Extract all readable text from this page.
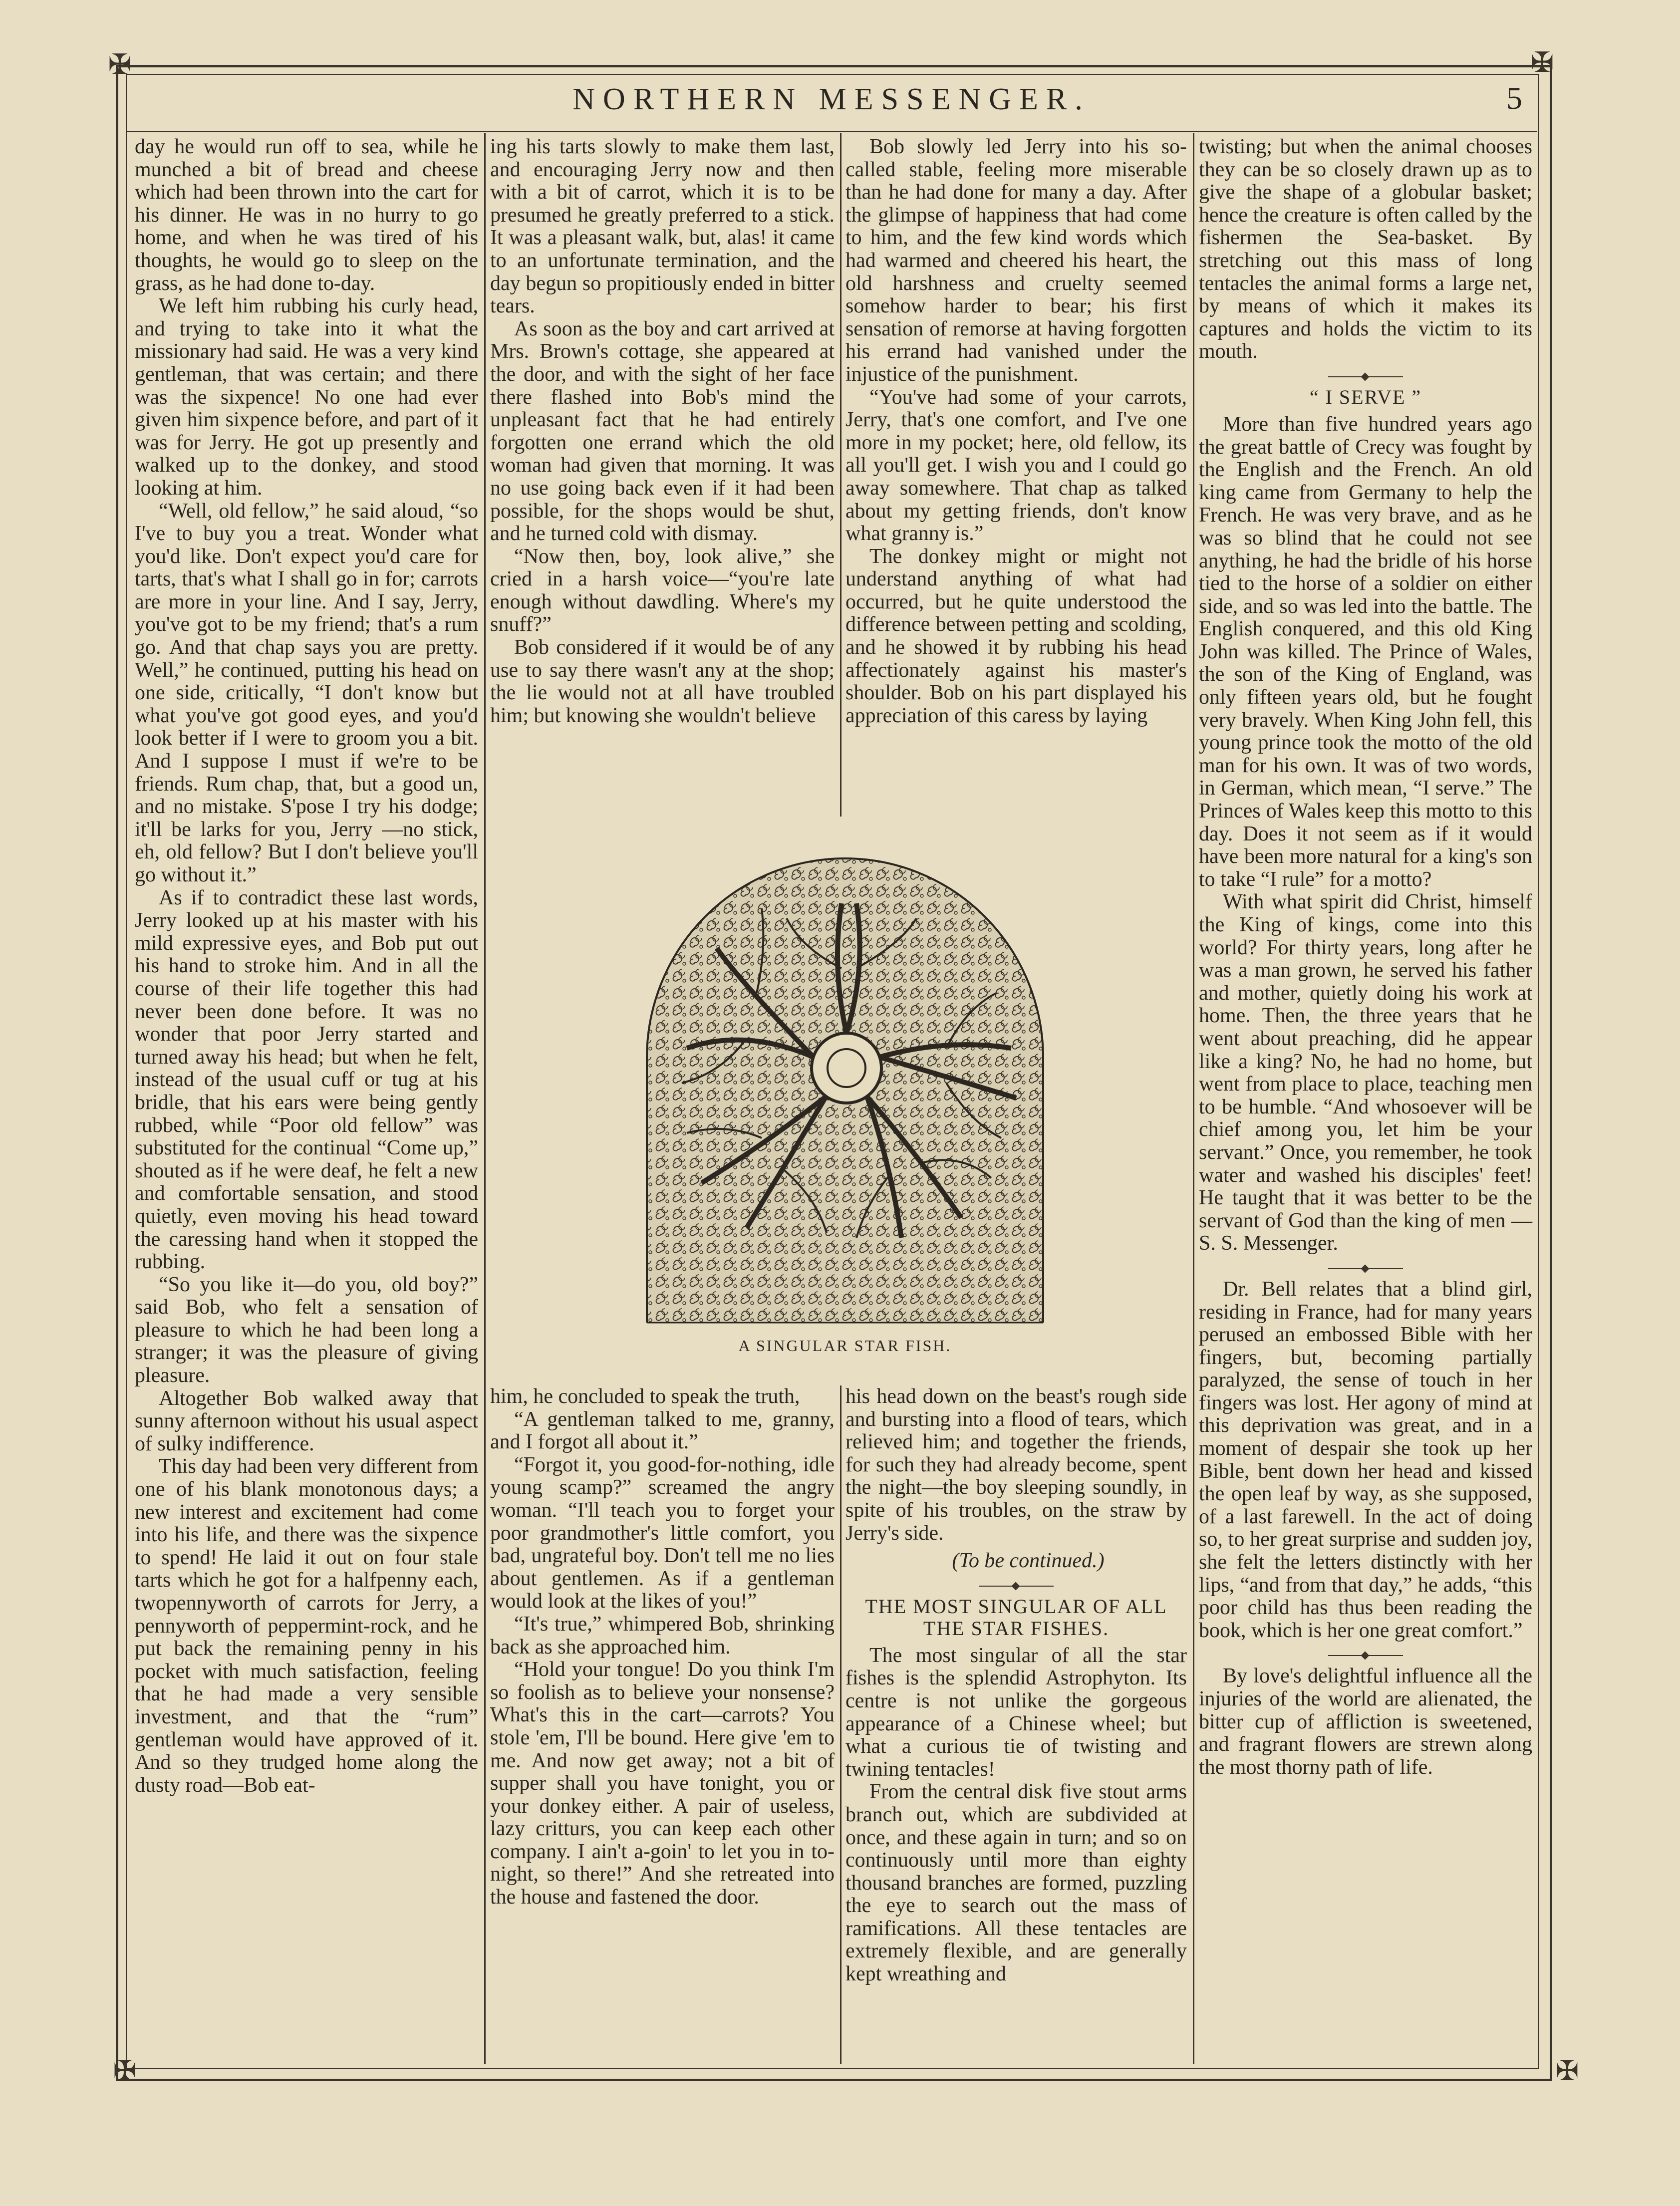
✠	✠
✠	✠
NORTHERN MESSENGER.	5

day he would run off to sea, while he munched a bit of bread and cheese which had been thrown into the cart for his dinner. He was in no hurry to go home, and when he was tired of his thoughts, he would go to sleep on the grass, as he had done to-day.

We left him rubbing his curly head, and trying to take into it what the missionary had said. He was a very kind gentleman, that was certain; and there was the sixpence! No one had ever given him sixpence before, and part of it was for Jerry. He got up presently and walked up to the donkey, and stood looking at him.

“Well, old fellow,” he said aloud, “so I've to buy you a treat. Wonder what you'd like. Don't expect you'd care for tarts, that's what I shall go in for; carrots are more in your line. And I say, Jerry, you've got to be my friend; that's a rum go. And that chap says you are pretty. Well,” he continued, putting his head on one side, critically, “I don't know but what you've got good eyes, and you'd look better if I were to groom you a bit. And I suppose I must if we're to be friends. Rum chap, that, but a good un, and no mistake. S'pose I try his dodge; it'll be larks for you, Jerry —no stick, eh, old fellow? But I don't believe you'll go without it.”

As if to contradict these last words, Jerry looked up at his master with his mild expressive eyes, and Bob put out his hand to stroke him. And in all the course of their life together this had never been done before. It was no wonder that poor Jerry started and turned away his head; but when he felt, instead of the usual cuff or tug at his bridle, that his ears were being gently rubbed, while “Poor old fellow” was substituted for the continual “Come up,” shouted as if he were deaf, he felt a new and comfortable sensation, and stood quietly, even moving his head toward the caressing hand when it stopped the rubbing.

“So you like it—do you, old boy?” said Bob, who felt a sensation of pleasure to which he had been long a stranger; it was the pleasure of giving pleasure.

Altogether Bob walked away that sunny afternoon without his usual aspect of sulky indifference.

This day had been very different from one of his blank monotonous days; a new interest and excitement had come into his life, and there was the sixpence to spend! He laid it out on four stale tarts which he got for a halfpenny each, twopennyworth of carrots for Jerry, a pennyworth of peppermint-rock, and he put back the remaining penny in his pocket with much satisfaction, feeling that he had made a very sensible investment, and that the “rum” gentleman would have approved of it. And so they trudged home along the dusty road—Bob eat-

ing his tarts slowly to make them last, and encouraging Jerry now and then with a bit of carrot, which it is to be presumed he greatly preferred to a stick. It was a pleasant walk, but, alas! it came to an unfortunate termination, and the day begun so propitiously ended in bitter tears.

As soon as the boy and cart arrived at Mrs. Brown's cottage, she appeared at the door, and with the sight of her face there flashed into Bob's mind the unpleasant fact that he had entirely forgotten one errand which the old woman had given that morning. It was no use going back even if it had been possible, for the shops would be shut, and he turned cold with dismay.

“Now then, boy, look alive,” she cried in a harsh voice—“you're late enough without dawdling. Where's my snuff?”

Bob considered if it would be of any use to say there wasn't any at the shop; the lie would not at all have troubled him; but knowing she wouldn't believe

Bob slowly led Jerry into his so-called stable, feeling more miserable than he had done for many a day. After the glimpse of happiness that had come to him, and the few kind words which had warmed and cheered his heart, the old harshness and cruelty seemed somehow harder to bear; his first sensation of remorse at having forgotten his errand had vanished under the injustice of the punishment.

“You've had some of your carrots, Jerry, that's one comfort, and I've one more in my pocket; here, old fellow, its all you'll get. I wish you and I could go away somewhere. That chap as talked about my getting friends, don't know what granny is.”

The donkey might or might not understand anything of what had occurred, but he quite understood the difference between petting and scolding, and he showed it by rubbing his head affectionately against his master's shoulder. Bob on his part displayed his appreciation of this caress by laying

A SINGULAR STAR FISH.

him, he concluded to speak the truth,

“A gentleman talked to me, granny, and I forgot all about it.”

“Forgot it, you good-for-nothing, idle young scamp?” screamed the angry woman. “I'll teach you to forget your poor grandmother's little comfort, you bad, ungrateful boy. Don't tell me no lies about gentlemen. As if a gentleman would look at the likes of you!”

“It's true,” whimpered Bob, shrinking back as she approached him.

“Hold your tongue! Do you think I'm so foolish as to believe your nonsense? What's this in the cart—carrots? You stole 'em, I'll be bound. Here give 'em to me. And now get away; not a bit of supper shall you have tonight, you or your donkey either. A pair of useless, lazy critturs, you can keep each other company. I ain't a-goin' to let you in to-night, so there!” And she retreated into the house and fastened the door.

his head down on the beast's rough side and bursting into a flood of tears, which relieved him; and together the friends, for such they had already become, spent the night—the boy sleeping soundly, in spite of his troubles, on the straw by Jerry's side.

(To be continued.)

THE MOST SINGULAR OF ALL THE STAR FISHES.

The most singular of all the star fishes is the splendid Astrophyton. Its centre is not unlike the gorgeous appearance of a Chinese wheel; but what a curious tie of twisting and twining tentacles!

From the central disk five stout arms branch out, which are subdivided at once, and these again in turn; and so on continuously until more than eighty thousand branches are formed, puzzling the eye to search out the mass of ramifications. All these tentacles are extremely flexible, and are generally kept wreathing and

twisting; but when the animal chooses they can be so closely drawn up as to give the shape of a globular basket; hence the creature is often called by the fishermen the Sea-basket. By stretching out this mass of long tentacles the animal forms a large net, by means of which it makes its captures and holds the victim to its mouth.

“ I SERVE ”

More than five hundred years ago the great battle of Crecy was fought by the English and the French. An old king came from Germany to help the French. He was very brave, and as he was so blind that he could not see anything, he had the bridle of his horse tied to the horse of a soldier on either side, and so was led into the battle. The English conquered, and this old King John was killed. The Prince of Wales, the son of the King of England, was only fifteen years old, but he fought very bravely. When King John fell, this young prince took the motto of the old man for his own. It was of two words, in German, which mean, “I serve.” The Princes of Wales keep this motto to this day. Does it not seem as if it would have been more natural for a king's son to take “I rule” for a motto?

With what spirit did Christ, himself the King of kings, come into this world? For thirty years, long after he was a man grown, he served his father and mother, quietly doing his work at home. Then, the three years that he went about preaching, did he appear like a king? No, he had no home, but went from place to place, teaching men to be humble. “And whosoever will be chief among you, let him be your servant.” Once, you remember, he took water and washed his disciples' feet! He taught that it was better to be the servant of God than the king of men —S. S. Messenger.

Dr. Bell relates that a blind girl, residing in France, had for many years perused an embossed Bible with her fingers, but, becoming partially paralyzed, the sense of touch in her fingers was lost. Her agony of mind at this deprivation was great, and in a moment of despair she took up her Bible, bent down her head and kissed the open leaf by way, as she supposed, of a last farewell. In the act of doing so, to her great surprise and sudden joy, she felt the letters distinctly with her lips, “and from that day,” he adds, “this poor child has thus been reading the book, which is her one great comfort.”

By love's delightful influence all the injuries of the world are alienated, the bitter cup of affliction is sweetened, and fragrant flowers are strewn along the most thorny path of life.
